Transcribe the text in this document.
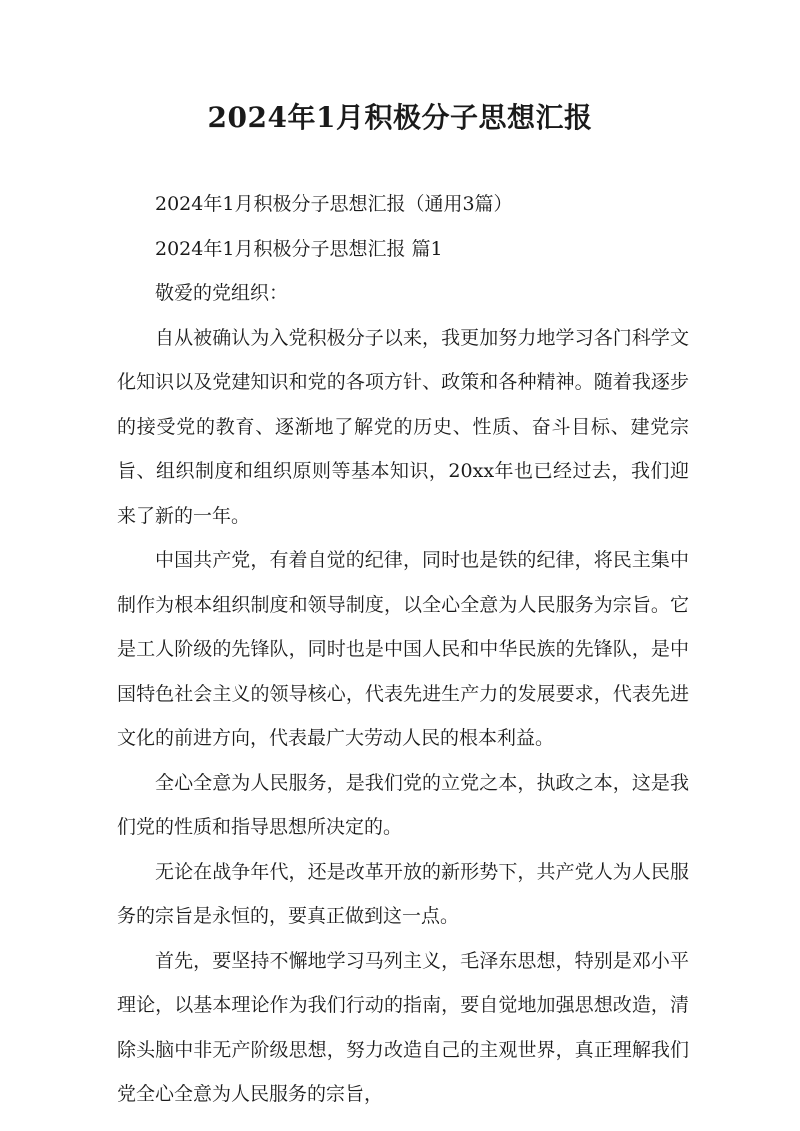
2024年1月积极分子思想汇报

2024年1月积极分子思想汇报（通用3篇）

2024年1月积极分子思想汇报 篇1

敬爱的党组织：

自从被确认为入党积极分子以来，我更加努力地学习各门科学文化知识以及党建知识和党的各项方针、政策和各种精神。随着我逐步的接受党的教育、逐渐地了解党的历史、性质、奋斗目标、建党宗旨、组织制度和组织原则等基本知识，20xx年也已经过去，我们迎来了新的一年。

中国共产党，有着自觉的纪律，同时也是铁的纪律，将民主集中制作为根本组织制度和领导制度，以全心全意为人民服务为宗旨。它是工人阶级的先锋队，同时也是中国人民和中华民族的先锋队，是中国特色社会主义的领导核心，代表先进生产力的发展要求，代表先进文化的前进方向，代表最广大劳动人民的根本利益。

全心全意为人民服务，是我们党的立党之本，执政之本，这是我们党的性质和指导思想所决定的。

无论在战争年代，还是改革开放的新形势下，共产党人为人民服务的宗旨是永恒的，要真正做到这一点。

首先，要坚持不懈地学习马列主义，毛泽东思想，特别是邓小平理论，以基本理论作为我们行动的指南，要自觉地加强思想改造，清除头脑中非无产阶级思想，努力改造自己的主观世界，真正理解我们党全心全意为人民服务的宗旨，
